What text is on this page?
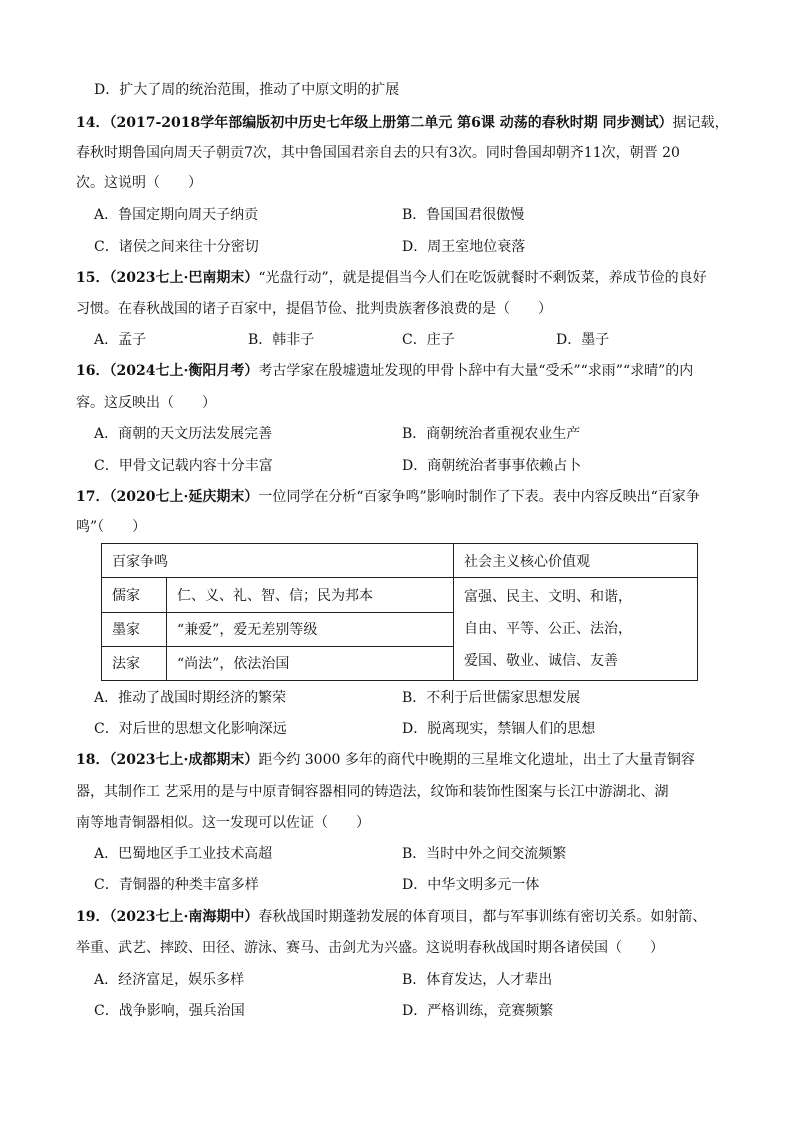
D．扩大了周的统治范围，推动了中原文明的扩展
14．（2017-2018学年部编版初中历史七年级上册第二单元 第6课 动荡的春秋时期 同步测试）据记载，
春秋时期鲁国向周天子朝贡7次，其中鲁国国君亲自去的只有3次。同时鲁国却朝齐11次，朝晋 20
次。这说明（　　）
A．鲁国定期向周天子纳贡	B．鲁国国君很傲慢
C．诸侯之间来往十分密切	D．周王室地位衰落
15．（2023七上·巴南期末）“光盘行动”，就是提倡当今人们在吃饭就餐时不剩饭菜，养成节俭的良好
习惯。在春秋战国的诸子百家中，提倡节俭、批判贵族奢侈浪费的是（　　）
A．孟子	B．韩非子	C．庄子	D．墨子
16．（2024七上·衡阳月考）考古学家在殷墟遗址发现的甲骨卜辞中有大量“受禾”“求雨”“求晴”的内
容。这反映出（　　）
A．商朝的天文历法发展完善	B．商朝统治者重视农业生产
C．甲骨文记载内容十分丰富	D．商朝统治者事事依赖占卜
17．（2020七上·延庆期末）一位同学在分析“百家争鸣”影响时制作了下表。表中内容反映出“百家争
鸣”（　　）
百家争鸣		社会主义核心价值观
儒家	仁、义、礼、智、信；民为邦本	富强、民主、文明、和谐，
自由、平等、公正、法治，
爱国、敬业、诚信、友善

墨家	“兼爱”，爱无差别等级	
法家	“尚法”，依法治国	
A．推动了战国时期经济的繁荣	B．不利于后世儒家思想发展
C．对后世的思想文化影响深远	D．脱离现实，禁锢人们的思想
18．（2023七上·成都期末）距今约 3000 多年的商代中晚期的三星堆文化遗址，出土了大量青铜容
器，其制作工 艺采用的是与中原青铜容器相同的铸造法，纹饰和装饰性图案与长江中游湖北、湖
南等地青铜器相似。这一发现可以佐证（　　）
A．巴蜀地区手工业技术高超	B．当时中外之间交流频繁
C．青铜器的种类丰富多样	D．中华文明多元一体
19．（2023七上·南海期中）春秋战国时期蓬勃发展的体育项目，都与军事训练有密切关系。如射箭、
举重、武艺、摔跤、田径、游泳、赛马、击剑尤为兴盛。这说明春秋战国时期各诸侯国（　　）
A．经济富足，娱乐多样	B．体育发达，人才辈出
C．战争影响，强兵治国	D．严格训练，竞赛频繁
